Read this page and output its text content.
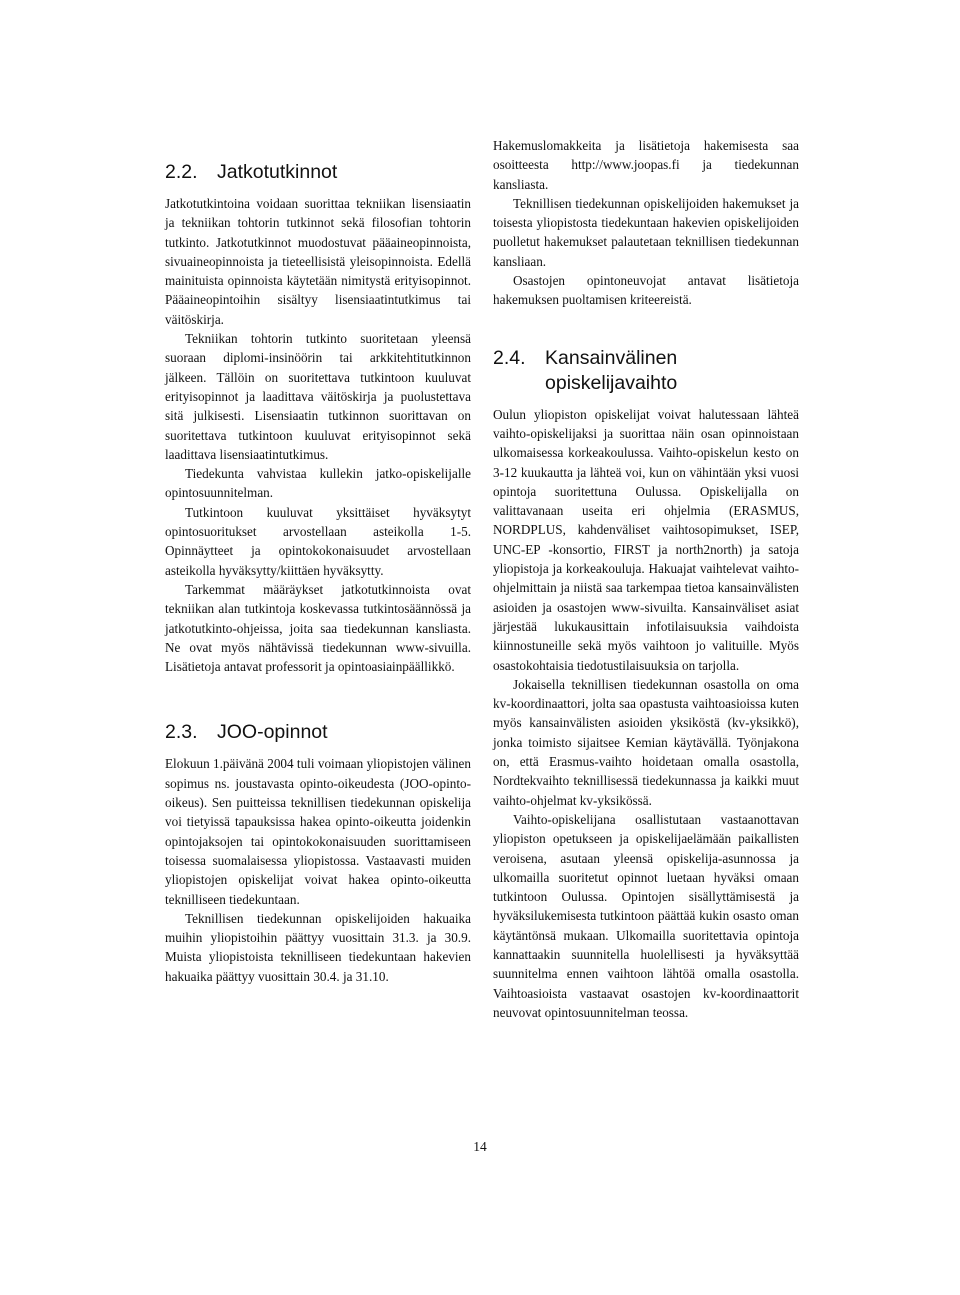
2.2. Jatkotutkinnot

Jatkotutkintoina voidaan suorittaa tekniikan lisensiaatin ja tekniikan tohtorin tutkinnot sekä filosofian tohtorin tutkinto. Jatkotutkinnot muodostuvat pääaineopinnoista, sivuaineopinnoista ja tieteellisistä yleisopinnoista. Edellä mainituista opinnoista käytetään nimitystä erityisopinnot. Pääaineopintoihin sisältyy lisensiaatintutkimus tai väitöskirja.

Tekniikan tohtorin tutkinto suoritetaan yleensä suoraan diplomi-insinöörin tai arkkitehtitutkinnon jälkeen. Tällöin on suoritettava tutkintoon kuuluvat erityisopinnot ja laadittava väitöskirja ja puolustettava sitä julkisesti. Lisensiaatin tutkinnon suorittavan on suoritettava tutkintoon kuuluvat erityisopinnot sekä laadittava lisensiaatintutkimus.

Tiedekunta vahvistaa kullekin jatko-opiskelijalle opintosuunnitelman.

Tutkintoon kuuluvat yksittäiset hyväksytyt opintosuoritukset arvostellaan asteikolla 1-5. Opinnäytteet ja opintokokonaisuudet arvostellaan asteikolla hyväksytty/kiittäen hyväksytty.

Tarkemmat määräykset jatkotutkinnoista ovat tekniikan alan tutkintoja koskevassa tutkintosäännössä ja jatkotutkinto-ohjeissa, joita saa tiedekunnan kansliasta. Ne ovat myös nähtävissä tiedekunnan www-sivuilla. Lisätietoja antavat professorit ja opintoasiainpäällikkö.

2.3. JOO-opinnot

Elokuun 1.päivänä 2004 tuli voimaan yliopistojen välinen sopimus ns. joustavasta opinto-oikeudesta (JOO-opinto-oikeus). Sen puitteissa teknillisen tiedekunnan opiskelija voi tietyissä tapauksissa hakea opinto-oikeutta joidenkin opintojaksojen tai opintokokonaisuuden suorittamiseen toisessa suomalaisessa yliopistossa. Vastaavasti muiden yliopistojen opiskelijat voivat hakea opinto-oikeutta teknilliseen tiedekuntaan.

Teknillisen tiedekunnan opiskelijoiden hakuaika muihin yliopistoihin päättyy vuosittain 31.3. ja 30.9. Muista yliopistoista teknilliseen tiedekuntaan hakevien hakuaika päättyy vuosittain 30.4. ja 31.10.

Hakemuslomakkeita ja lisätietoja hakemisesta saa osoitteesta http://www.joopas.fi ja tiedekunnan kansliasta.

Teknillisen tiedekunnan opiskelijoiden hakemukset ja toisesta yliopistosta tiedekuntaan hakevien opiskelijoiden puolletut hakemukset palautetaan teknillisen tiedekunnan kansliaan.

Osastojen opintoneuvojat antavat lisätietoja hakemuksen puoltamisen kriteereistä.

2.4. Kansainvälinen
opiskelijavaihto

Oulun yliopiston opiskelijat voivat halutessaan lähteä vaihto-opiskelijaksi ja suorittaa näin osan opinnoistaan ulkomaisessa korkeakoulussa. Vaihto-opiskelun kesto on 3-12 kuukautta ja lähteä voi, kun on vähintään yksi vuosi opintoja suoritettuna Oulussa. Opiskelijalla on valittavanaan useita eri ohjelmia (ERASMUS, NORDPLUS, kahdenväliset vaihtosopimukset, ISEP, UNC-EP -konsortio, FIRST ja north2north) ja satoja yliopistoja ja korkeakouluja. Hakuajat vaihtelevat vaihto-ohjelmittain ja niistä saa tarkempaa tietoa kansainvälisten asioiden ja osastojen www-sivuilta. Kansainväliset asiat järjestää lukukausittain infotilaisuuksia vaihdoista kiinnostuneille sekä myös vaihtoon jo valituille. Myös osastokohtaisia tiedotustilaisuuksia on tarjolla.

Jokaisella teknillisen tiedekunnan osastolla on oma kv-koordinaattori, jolta saa opastusta vaihtoasioissa kuten myös kansainvälisten asioiden yksiköstä (kv-yksikkö), jonka toimisto sijaitsee Kemian käytävällä. Työnjakona on, että Erasmus-vaihto hoidetaan omalla osastolla, Nordtekvaihto teknillisessä tiedekunnassa ja kaikki muut vaihto-ohjelmat kv-yksikössä.

Vaihto-opiskelijana osallistutaan vastaanottavan yliopiston opetukseen ja opiskelijaelämään paikallisten veroisena, asutaan yleensä opiskelija-asunnossa ja ulkomailla suoritetut opinnot luetaan hyväksi omaan tutkintoon Oulussa. Opintojen sisällyttämisestä ja hyväksilukemisesta tutkintoon päättää kukin osasto oman käytäntönsä mukaan. Ulkomailla suoritettavia opintoja kannattaakin suunnitella huolellisesti ja hyväksyttää suunnitelma ennen vaihtoon lähtöä omalla osastolla. Vaihtoasioista vastaavat osastojen kv-koordinaattorit neuvovat opintosuunnitelman teossa.

14
